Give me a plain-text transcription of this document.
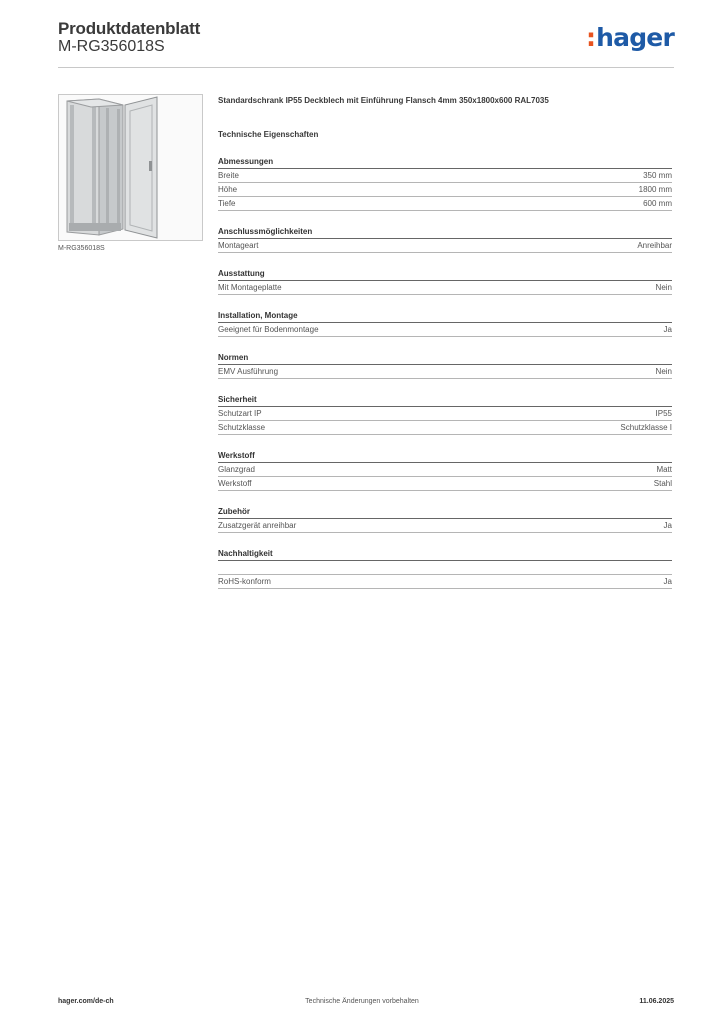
Produktdatenblatt
M-RG356018S	:hager
M-RG356018S
Standardschrank IP55 Deckblech mit Einführung Flansch 4mm 350x1800x600 RAL7035
Technische Eigenschaften
Abmessungen
Breite	350 mm
Höhe	1800 mm
Tiefe	600 mm
Anschlussmöglichkeiten
Montageart	Anreihbar
Ausstattung
Mit Montageplatte	Nein
Installation, Montage
Geeignet für Bodenmontage	Ja
Normen
EMV Ausführung	Nein
Sicherheit
Schutzart IP	IP55
Schutzklasse	Schutzklasse I
Werkstoff
Glanzgrad	Matt
Werkstoff	Stahl
Zubehör
Zusatzgerät anreihbar	Ja
Nachhaltigkeit
RoHS-konform	Ja
hager.com/de-ch	Technische Änderungen vorbehalten	11.06.2025
